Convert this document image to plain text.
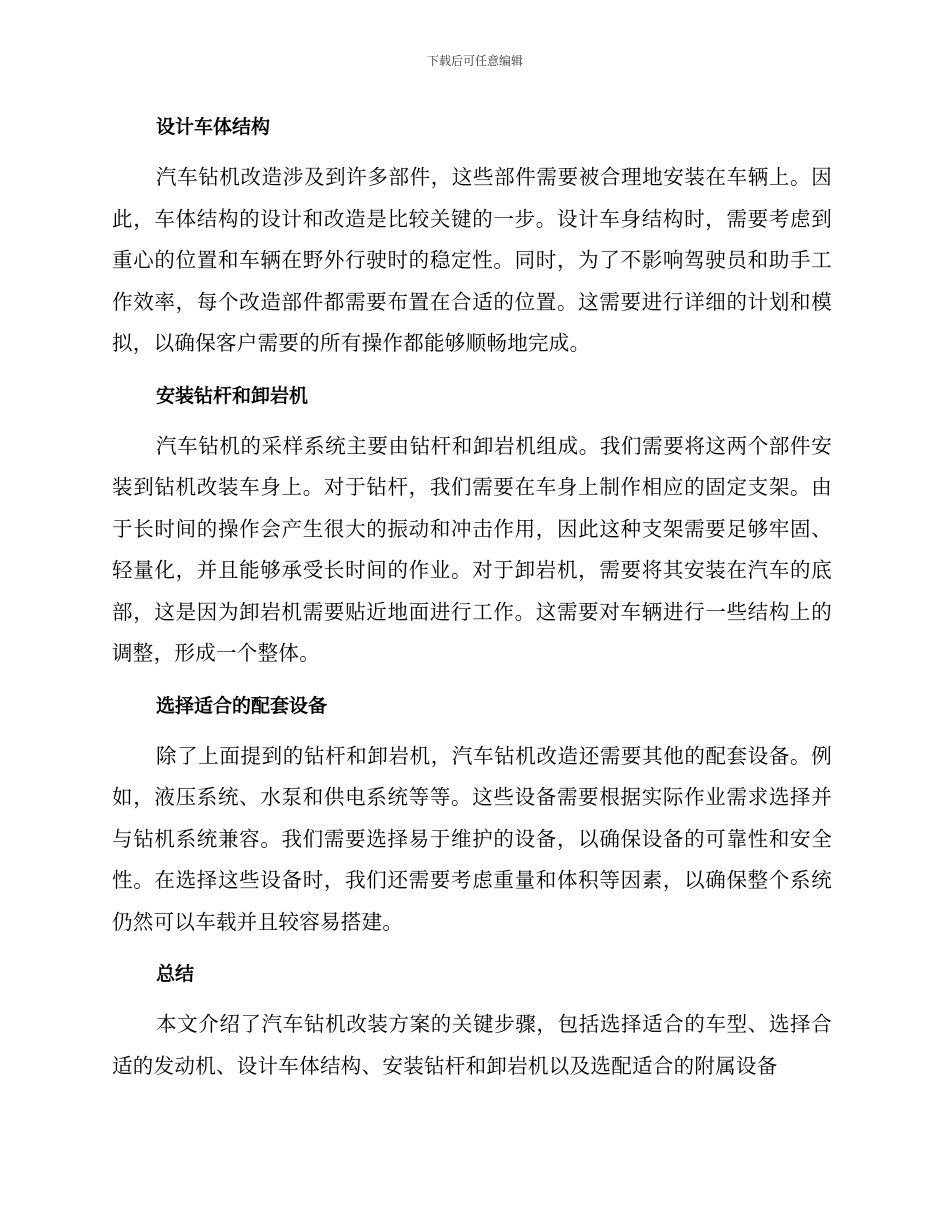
下载后可任意编辑
设计车体结构

汽车钻机改造涉及到许多部件，这些部件需要被合理地安装在车辆上。因此，车体结构的设计和改造是比较关键的一步。设计车身结构时，需要考虑到重心的位置和车辆在野外行驶时的稳定性。同时，为了不影响驾驶员和助手工作效率，每个改造部件都需要布置在合适的位置。这需要进行详细的计划和模拟，以确保客户需要的所有操作都能够顺畅地完成。

安装钻杆和卸岩机

汽车钻机的采样系统主要由钻杆和卸岩机组成。我们需要将这两个部件安装到钻机改装车身上。对于钻杆，我们需要在车身上制作相应的固定支架。由于长时间的操作会产生很大的振动和冲击作用，因此这种支架需要足够牢固、轻量化，并且能够承受长时间的作业。对于卸岩机，需要将其安装在汽车的底部，这是因为卸岩机需要贴近地面进行工作。这需要对车辆进行一些结构上的调整，形成一个整体。

选择适合的配套设备

除了上面提到的钻杆和卸岩机，汽车钻机改造还需要其他的配套设备。例如，液压系统、水泵和供电系统等等。这些设备需要根据实际作业需求选择并与钻机系统兼容。我们需要选择易于维护的设备，以确保设备的可靠性和安全性。在选择这些设备时，我们还需要考虑重量和体积等因素，以确保整个系统仍然可以车载并且较容易搭建。

总结

本文介绍了汽车钻机改装方案的关键步骤，包括选择适合的车型、选择合适的发动机、设计车体结构、安装钻杆和卸岩机以及选配适合的附属设备
